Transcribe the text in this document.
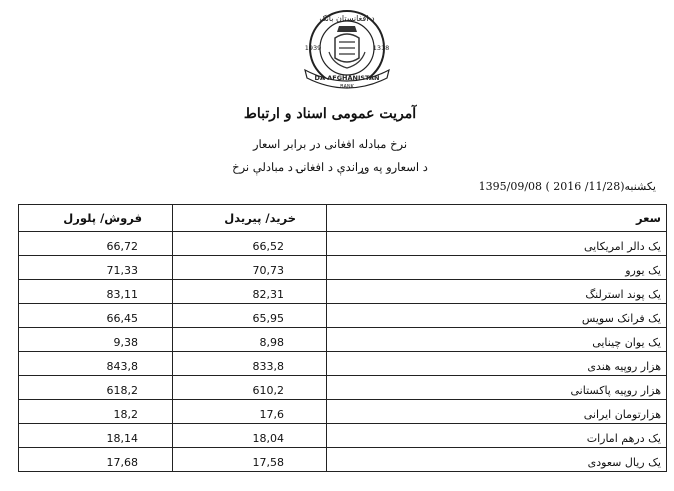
د افغانستان بانک
1939	1318
DA AFGHANISTAN
BANK
آمریت عمومی اسناد و ارتباط
نرخ مبادله افغانی در برابر اسعار
د اسعارو په وړاندې د افغانۍ د مبادلې نرخ
یکشنبه1395/09/08 ( 2016 /11/28)
فروش/ پلورل	خرید/ پیریدل	سعر
66,72	66,52	یک دالر امریکایی
71,33	70,73	یک یورو
83,11	82,31	یک پوند استرلنگ
66,45	65,95	یک فرانک سویس
9,38	8,98	یک یوان چینایی
843,8	833,8	هزار روپیه هندی
618,2	610,2	هزار روپیه پاکستانی
18,2	17,6	هزارتومان ایرانی
18,14	18,04	یک درهم امارات
17,68	17,58	یک ریال سعودی
